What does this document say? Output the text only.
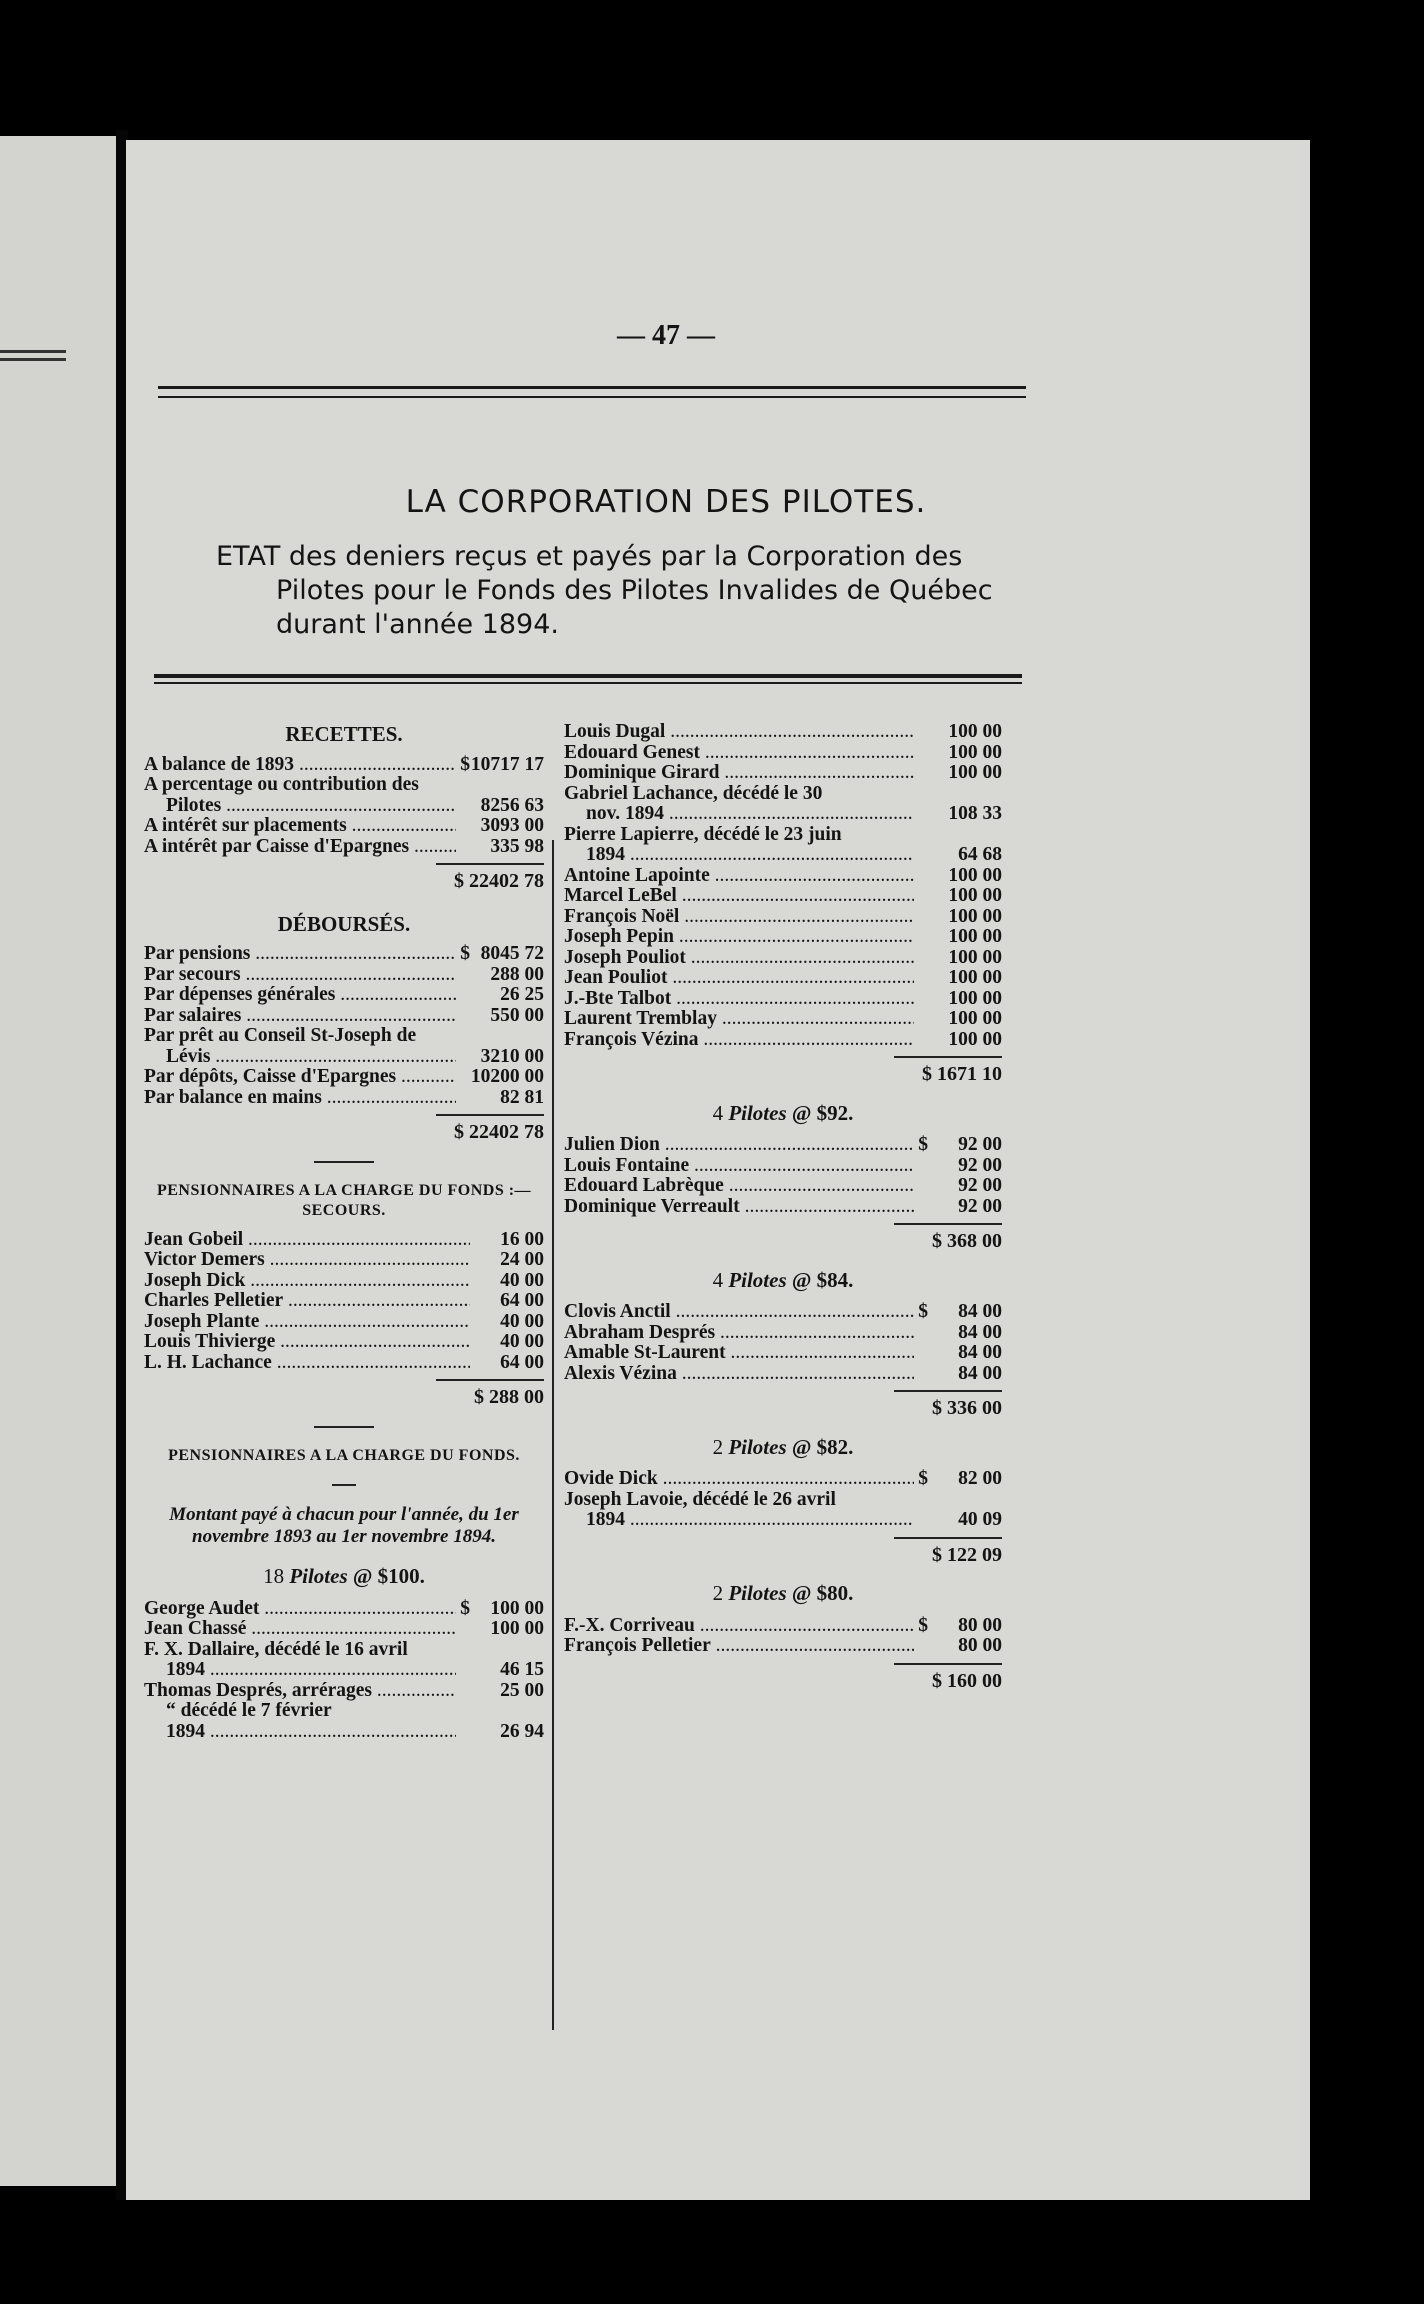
— 47 —
LA CORPORATION DES PILOTES.
ETAT des deniers reçus et payés par la Corporation des Pilotes pour le Fonds des Pilotes Invalides de Québec durant l'année 1894.
RECETTES.
A balance de 1893 .....	$ 10717 17
A percentage ou contribution des
Pilotes .....	8256 63
A intérêt sur placements .....	3093 00
A intérêt par Caisse d'Epargnes .....	335 98
$ 22402 78
DÉBOURSÉS.
Par pensions .....	$ 8045 72
Par secours .....	288 00
Par dépenses générales .....	26 25
Par salaires .....	550 00
Par prêt au Conseil St-Joseph de
Lévis .....	3210 00
Par dépôts, Caisse d'Epargnes .....	10200 00
Par balance en mains .....	82 81
$ 22402 78
PENSIONNAIRES A LA CHARGE DU FONDS :— SECOURS.
Jean Gobeil .....	16 00
Victor Demers .....	24 00
Joseph Dick .....	40 00
Charles Pelletier .....	64 00
Joseph Plante .....	40 00
Louis Thivierge .....	40 00
L. H. Lachance .....	64 00
$ 288 00
PENSIONNAIRES A LA CHARGE DU FONDS.
Montant payé à chacun pour l'année, du 1er novembre 1893 au 1er novembre 1894.
18 Pilotes @ $100.
George Audet .....	$	100 00
Jean Chassé .....	100 00
F. X. Dallaire, décédé le 16 avril
1894 .....	46 15
Thomas Després, arrérages .....	25 00
“ décédé le 7 février
1894 .....	26 94
Louis Dugal .....	100 00
Edouard Genest .....	100 00
Dominique Girard .....	100 00
Gabriel Lachance, décédé le 30
nov. 1894 .....	108 33
Pierre Lapierre, décédé le 23 juin
1894 .....	64 68
Antoine Lapointe .....	100 00
Marcel LeBel .....	100 00
François Noël .....	100 00
Joseph Pepin .....	100 00
Joseph Pouliot .....	100 00
Jean Pouliot .....	100 00
J.-Bte Talbot .....	100 00
Laurent Tremblay .....	100 00
François Vézina .....	100 00
$ 1671 10
4 Pilotes @ $92.
Julien Dion .....	$	92 00
Louis Fontaine .....	92 00
Edouard Labrèque .....	92 00
Dominique Verreault .....	92 00
$ 368 00
4 Pilotes @ $84.
Clovis Anctil .....	$	84 00
Abraham Després .....	84 00
Amable St-Laurent .....	84 00
Alexis Vézina .....	84 00
$ 336 00
2 Pilotes @ $82.
Ovide Dick .....	$	82 00
Joseph Lavoie, décédé le 26 avril
1894 .....	40 09
$ 122 09
2 Pilotes @ $80.
F.-X. Corriveau .....	$	80 00
François Pelletier .....	80 00
$ 160 00
